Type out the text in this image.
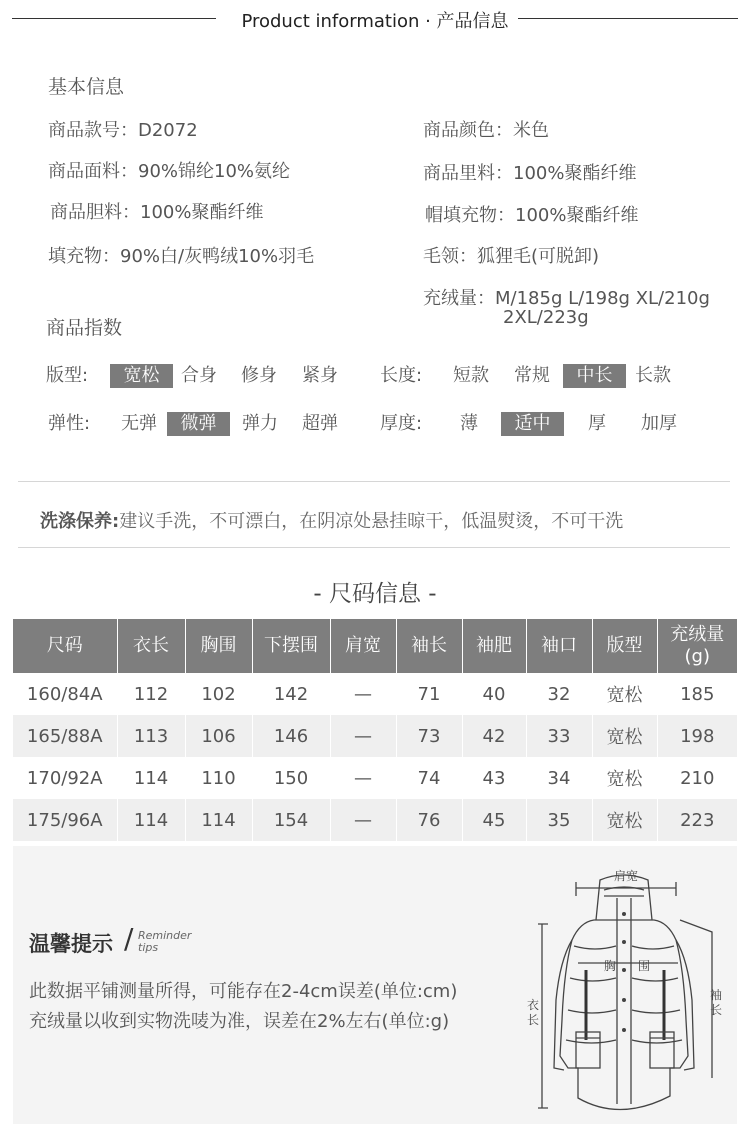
Product information · 产品信息
基本信息
商品款号：D2072
商品面料：90%锦纶10%氨纶
商品胆料：100%聚酯纤维
填充物：90%白/灰鸭绒10%羽毛
商品颜色：米色
商品里料：100%聚酯纤维
帽填充物：100%聚酯纤维
毛领：狐狸毛(可脱卸)
充绒量：M/185g L/198g XL/210g
2XL/223g
商品指数
版型:	宽松	合身 修身 紧身 长度: 短款 常规	中长	长款
弹性: 无弹	微弹	弹力 超弹 厚度: 薄	适中	厚 加厚
洗涤保养:建议手洗，不可漂白，在阴凉处悬挂晾干，低温熨烫，不可干洗
- 尺码信息 -
尺码	衣长	胸围	下摆围	肩宽	袖长	袖肥	袖口	版型	充绒量
(g)
160/84A	112	102	142	—	71	40	32	宽松	185
165/88A	113	106	146	—	73	42	33	宽松	198
170/92A	114	110	150	—	74	43	34	宽松	210
175/96A	114	114	154	—	76	45	35	宽松	223
温馨提示 / Reminder
tips
此数据平铺测量所得，可能存在2-4cm误差(单位:cm)
充绒量以收到实物洗唛为准，误差在2%左右(单位:g)
肩宽
胸 围
衣
长
袖
长
